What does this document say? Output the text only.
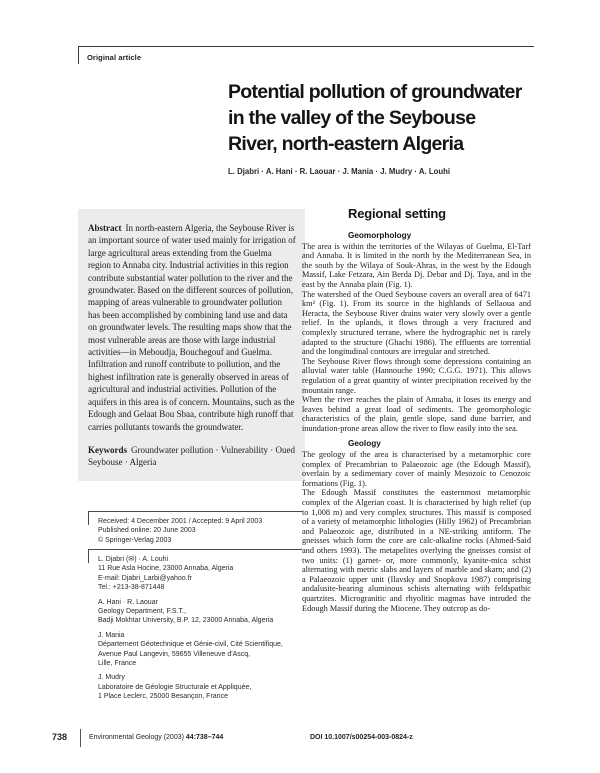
Original article
Potential pollution of groundwater
in the valley of the Seybouse
River, north-eastern Algeria
L. Djabri · A. Hani · R. Laouar · J. Mania · J. Mudry · A. Louhi

Abstract In north-eastern Algeria, the Seybouse River is an important source of water used mainly for irrigation of large agricultural areas extending from the Guelma region to Annaba city. Industrial activities in this region contribute substantial water pollution to the river and the groundwater. Based on the different sources of pollution, mapping of areas vulnerable to groundwater pollution has been accomplished by combining land use and data on groundwater levels. The resulting maps show that the most vulnerable areas are those with large industrial activities—in Meboudja, Bouchegouf and Guelma. Infiltration and runoff contribute to pollution, and the highest infiltration rate is generally observed in areas of agricultural and industrial activities. Pollution of the aquifers in this area is of concern. Mountains, such as the Edough and Gelaat Bou Sbaa, contribute high runoff that carries pollutants towards the groundwater.

Keywords Groundwater pollution · Vulnerability · Oued Seybouse · Algeria

Received: 4 December 2001 / Accepted: 9 April 2003
Published online: 20 June 2003
© Springer-Verlag 2003
L. Djabri (✉) · A. Louhi
11 Rue Asla Hocine, 23000 Annaba, Algeria
E-mail: Djabri_Larbi@yahoo.fr
Tel.: +213-38-871448
A. Hani · R. Laouar
Geology Department, F.S.T.,
Badji Mokhtar University, B.P. 12, 23000 Annaba, Algeria
J. Mania
Département Géotechnique et Génie-civil, Cité Scientifique,
Avenue Paul Langevin, 59655 Villeneuve d'Ascq,
Lille, France
J. Mudry
Laboratoire de Géologie Structurale et Appliquée,
1 Place Leclerc, 25000 Besançon, France
Regional setting
Geomorphology

The area is within the territories of the Wilayas of Guelma, El-Tarf and Annaba. It is limited in the north by the Mediterranean Sea, in the south by the Wilaya of Souk-Ahras, in the west by the Edough Massif, Lake Fetzara, Ain Berda Dj. Debar and Dj. Taya, and in the east by the Annaba plain (Fig. 1).

The watershed of the Oued Seybouse covers an overall area of 6471 km² (Fig. 1). From its source in the highlands of Sellaoua and Heracta, the Seybouse River drains water very slowly over a gentle relief. In the uplands, it flows through a very fractured and complexly structured terrane, where the hydrographic net is rarely adapted to the structure (Ghachi 1986). The effluents are torrential and the longitudinal contours are irregular and stretched.

The Seybouse River flows through some depressions containing an alluvial water table (Hannouche 1990; C.G.G. 1971). This allows regulation of a great quantity of winter precipitation received by the mountain range.

When the river reaches the plain of Annaba, it loses its energy and leaves behind a great load of sediments. The geomorphologic characteristics of the plain, gentle slope, sand dune barrier, and inundation-prone areas allow the river to flow easily into the sea.

Geology

The geology of the area is characterised by a metamorphic core complex of Precambrian to Palaeozoic age (the Edough Massif), overlain by a sedimentary cover of mainly Mesozoic to Cenozoic formations (Fig. 1).

The Edough Massif constitutes the easternmost metamorphic complex of the Algerian coast. It is characterised by high relief (up to 1,008 m) and very complex structures. This massif is composed of a variety of metamorphic lithologies (Hilly 1962) of Precambrian and Palaeozoic age, distributed in a NE-striking antiform. The gneisses which form the core are calc-alkaline rocks (Ahmed-Said and others 1993). The metapelites overlying the gneisses consist of two units: (1) garnet- or, more commonly, kyanite-mica schist alternating with metric slabs and layers of marble and skarn; and (2) a Palaeozoic upper unit (Ilavsky and Snopkova 1987) comprising andalusite-bearing aluminous schists alternating with feldspathic quartzites. Microgranitic and rhyolitic magmas have intruded the Edough Massif during the Miocene. They outcrop as do-

738	Environmental Geology (2003) 44:738–744	DOI 10.1007/s00254-003-0824-z
